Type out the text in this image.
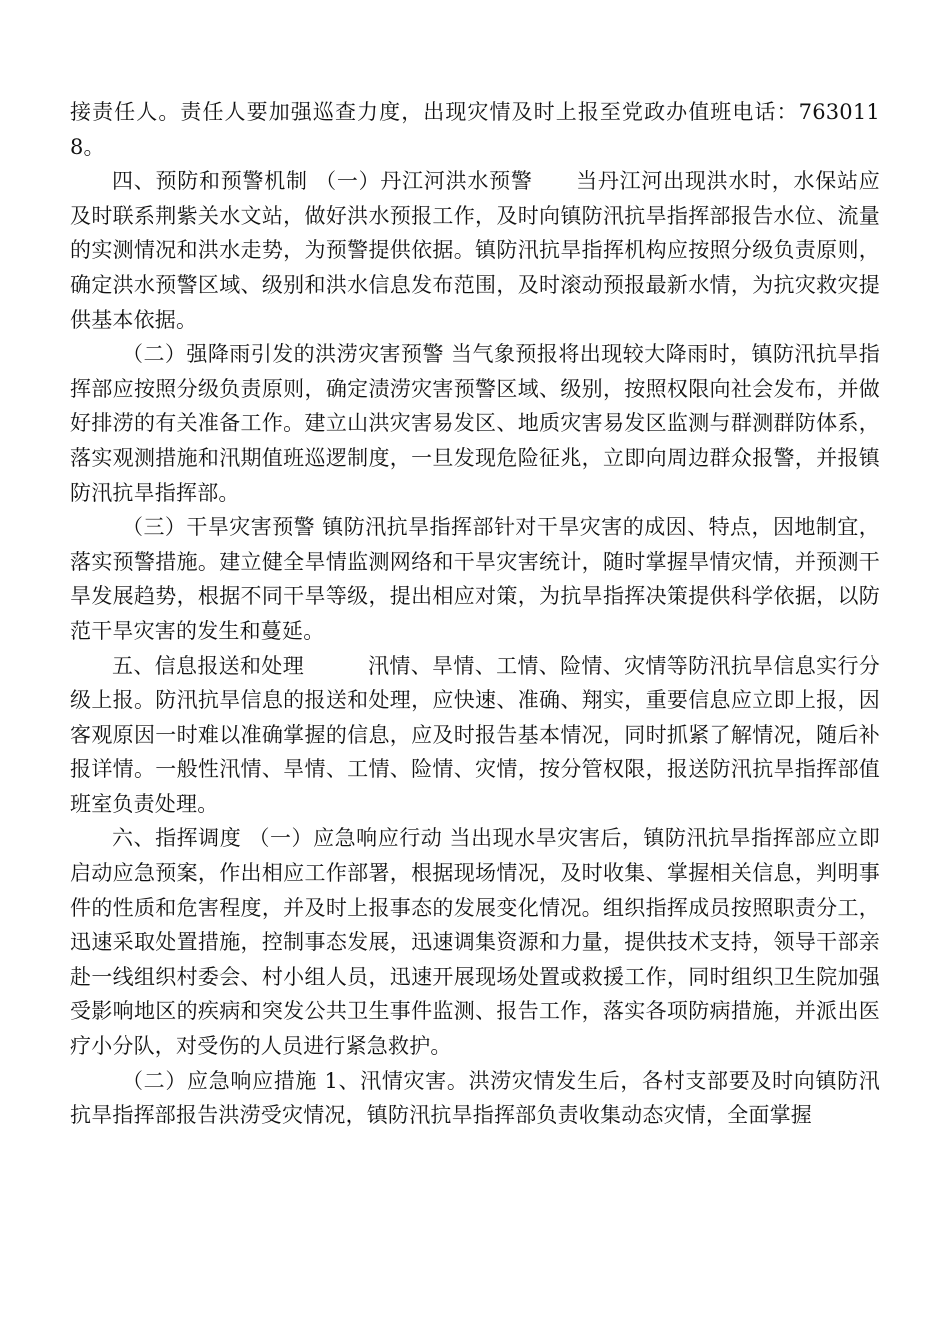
接责任人。责任人要加强巡查力度，出现灾情及时上报至党政办值班电话：7630118。

四、预防和预警机制 （一）丹江河洪水预警　　当丹江河出现洪水时，水保站应及时联系荆紫关水文站，做好洪水预报工作，及时向镇防汛抗旱指挥部报告水位、流量的实测情况和洪水走势，为预警提供依据。镇防汛抗旱指挥机构应按照分级负责原则，确定洪水预警区域、级别和洪水信息发布范围，及时滚动预报最新水情，为抗灾救灾提供基本依据。

（二）强降雨引发的洪涝灾害预警 当气象预报将出现较大降雨时，镇防汛抗旱指挥部应按照分级负责原则，确定渍涝灾害预警区域、级别，按照权限向社会发布，并做好排涝的有关准备工作。建立山洪灾害易发区、地质灾害易发区监测与群测群防体系，落实观测措施和汛期值班巡逻制度，一旦发现危险征兆，立即向周边群众报警，并报镇防汛抗旱指挥部。

（三）干旱灾害预警 镇防汛抗旱指挥部针对干旱灾害的成因、特点，因地制宜，落实预警措施。建立健全旱情监测网络和干旱灾害统计，随时掌握旱情灾情，并预测干旱发展趋势，根据不同干旱等级，提出相应对策，为抗旱指挥决策提供科学依据，以防范干旱灾害的发生和蔓延。

五、信息报送和处理　　　汛情、旱情、工情、险情、灾情等防汛抗旱信息实行分级上报。防汛抗旱信息的报送和处理，应快速、准确、翔实，重要信息应立即上报，因客观原因一时难以准确掌握的信息，应及时报告基本情况，同时抓紧了解情况，随后补报详情。一般性汛情、旱情、工情、险情、灾情，按分管权限，报送防汛抗旱指挥部值班室负责处理。

六、指挥调度 （一）应急响应行动 当出现水旱灾害后，镇防汛抗旱指挥部应立即启动应急预案，作出相应工作部署，根据现场情况，及时收集、掌握相关信息，判明事件的性质和危害程度，并及时上报事态的发展变化情况。组织指挥成员按照职责分工，迅速采取处置措施，控制事态发展，迅速调集资源和力量，提供技术支持，领导干部亲赴一线组织村委会、村小组人员，迅速开展现场处置或救援工作，同时组织卫生院加强受影响地区的疾病和突发公共卫生事件监测、报告工作，落实各项防病措施，并派出医疗小分队，对受伤的人员进行紧急救护。

（二）应急响应措施 1、汛情灾害。洪涝灾情发生后，各村支部要及时向镇防汛抗旱指挥部报告洪涝受灾情况，镇防汛抗旱指挥部负责收集动态灾情，全面掌握
